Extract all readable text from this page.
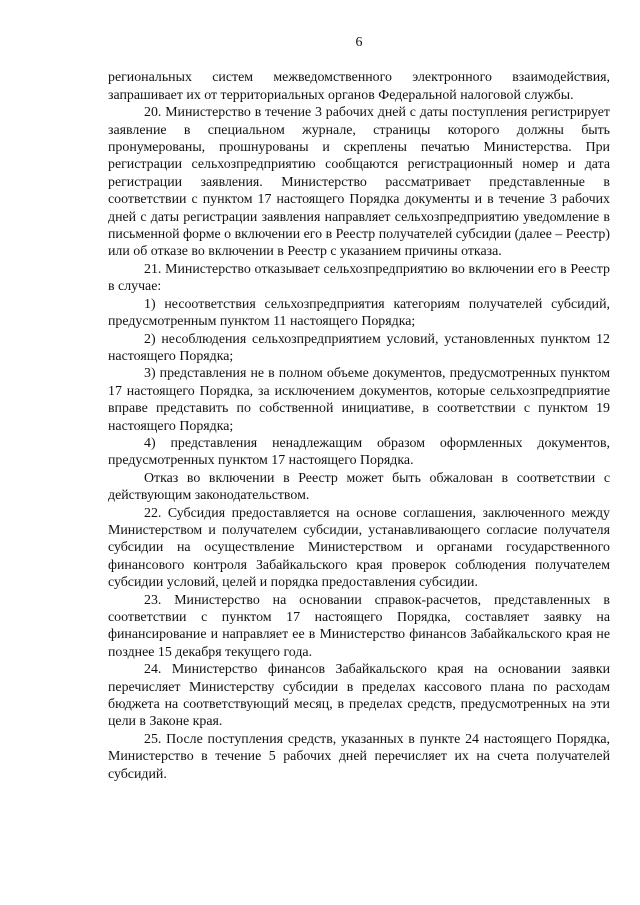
6

региональных систем межведомственного электронного взаимодействия, запрашивает их от территориальных органов Федеральной налоговой службы.

20. Министерство в течение 3 рабочих дней с даты поступления регистрирует заявление в специальном журнале, страницы которого должны быть пронумерованы, прошнурованы и скреплены печатью Министерства. При регистрации сельхозпредприятию сообщаются регистрационный номер и дата регистрации заявления. Министерство рассматривает представленные в соответствии с пунктом 17 настоящего Порядка документы и в течение 3 рабочих дней с даты регистрации заявления направляет сельхозпредприятию уведомление в письменной форме о включении его в Реестр получателей субсидии (далее – Реестр) или об отказе во включении в Реестр с указанием причины отказа.

21. Министерство отказывает сельхозпредприятию во включении его в Реестр в случае:

1) несоответствия сельхозпредприятия категориям получателей субсидий, предусмотренным пунктом 11 настоящего Порядка;

2) несоблюдения сельхозпредприятием условий, установленных пунктом 12 настоящего Порядка;

3) представления не в полном объеме документов, предусмотренных пунктом 17 настоящего Порядка, за исключением документов, которые сельхозпредприятие вправе представить по собственной инициативе, в соответствии с пунктом 19 настоящего Порядка;

4) представления ненадлежащим образом оформленных документов, предусмотренных пунктом 17 настоящего Порядка.

Отказ во включении в Реестр может быть обжалован в соответствии с действующим законодательством.

22. Субсидия предоставляется на основе соглашения, заключенного между Министерством и получателем субсидии, устанавливающего согласие получателя субсидии на осуществление Министерством и органами государственного финансового контроля Забайкальского края проверок соблюдения получателем субсидии условий, целей и порядка предоставления субсидии.

23. Министерство на основании справок-расчетов, представленных в соответствии с пунктом 17 настоящего Порядка, составляет заявку на финансирование и направляет ее в Министерство финансов Забайкальского края не позднее 15 декабря текущего года.

24. Министерство финансов Забайкальского края на основании заявки перечисляет Министерству субсидии в пределах кассового плана по расходам бюджета на соответствующий месяц, в пределах средств, предусмотренных на эти цели в Законе края.

25. После поступления средств, указанных в пункте 24 настоящего Порядка, Министерство в течение 5 рабочих дней перечисляет их на счета получателей субсидий.
